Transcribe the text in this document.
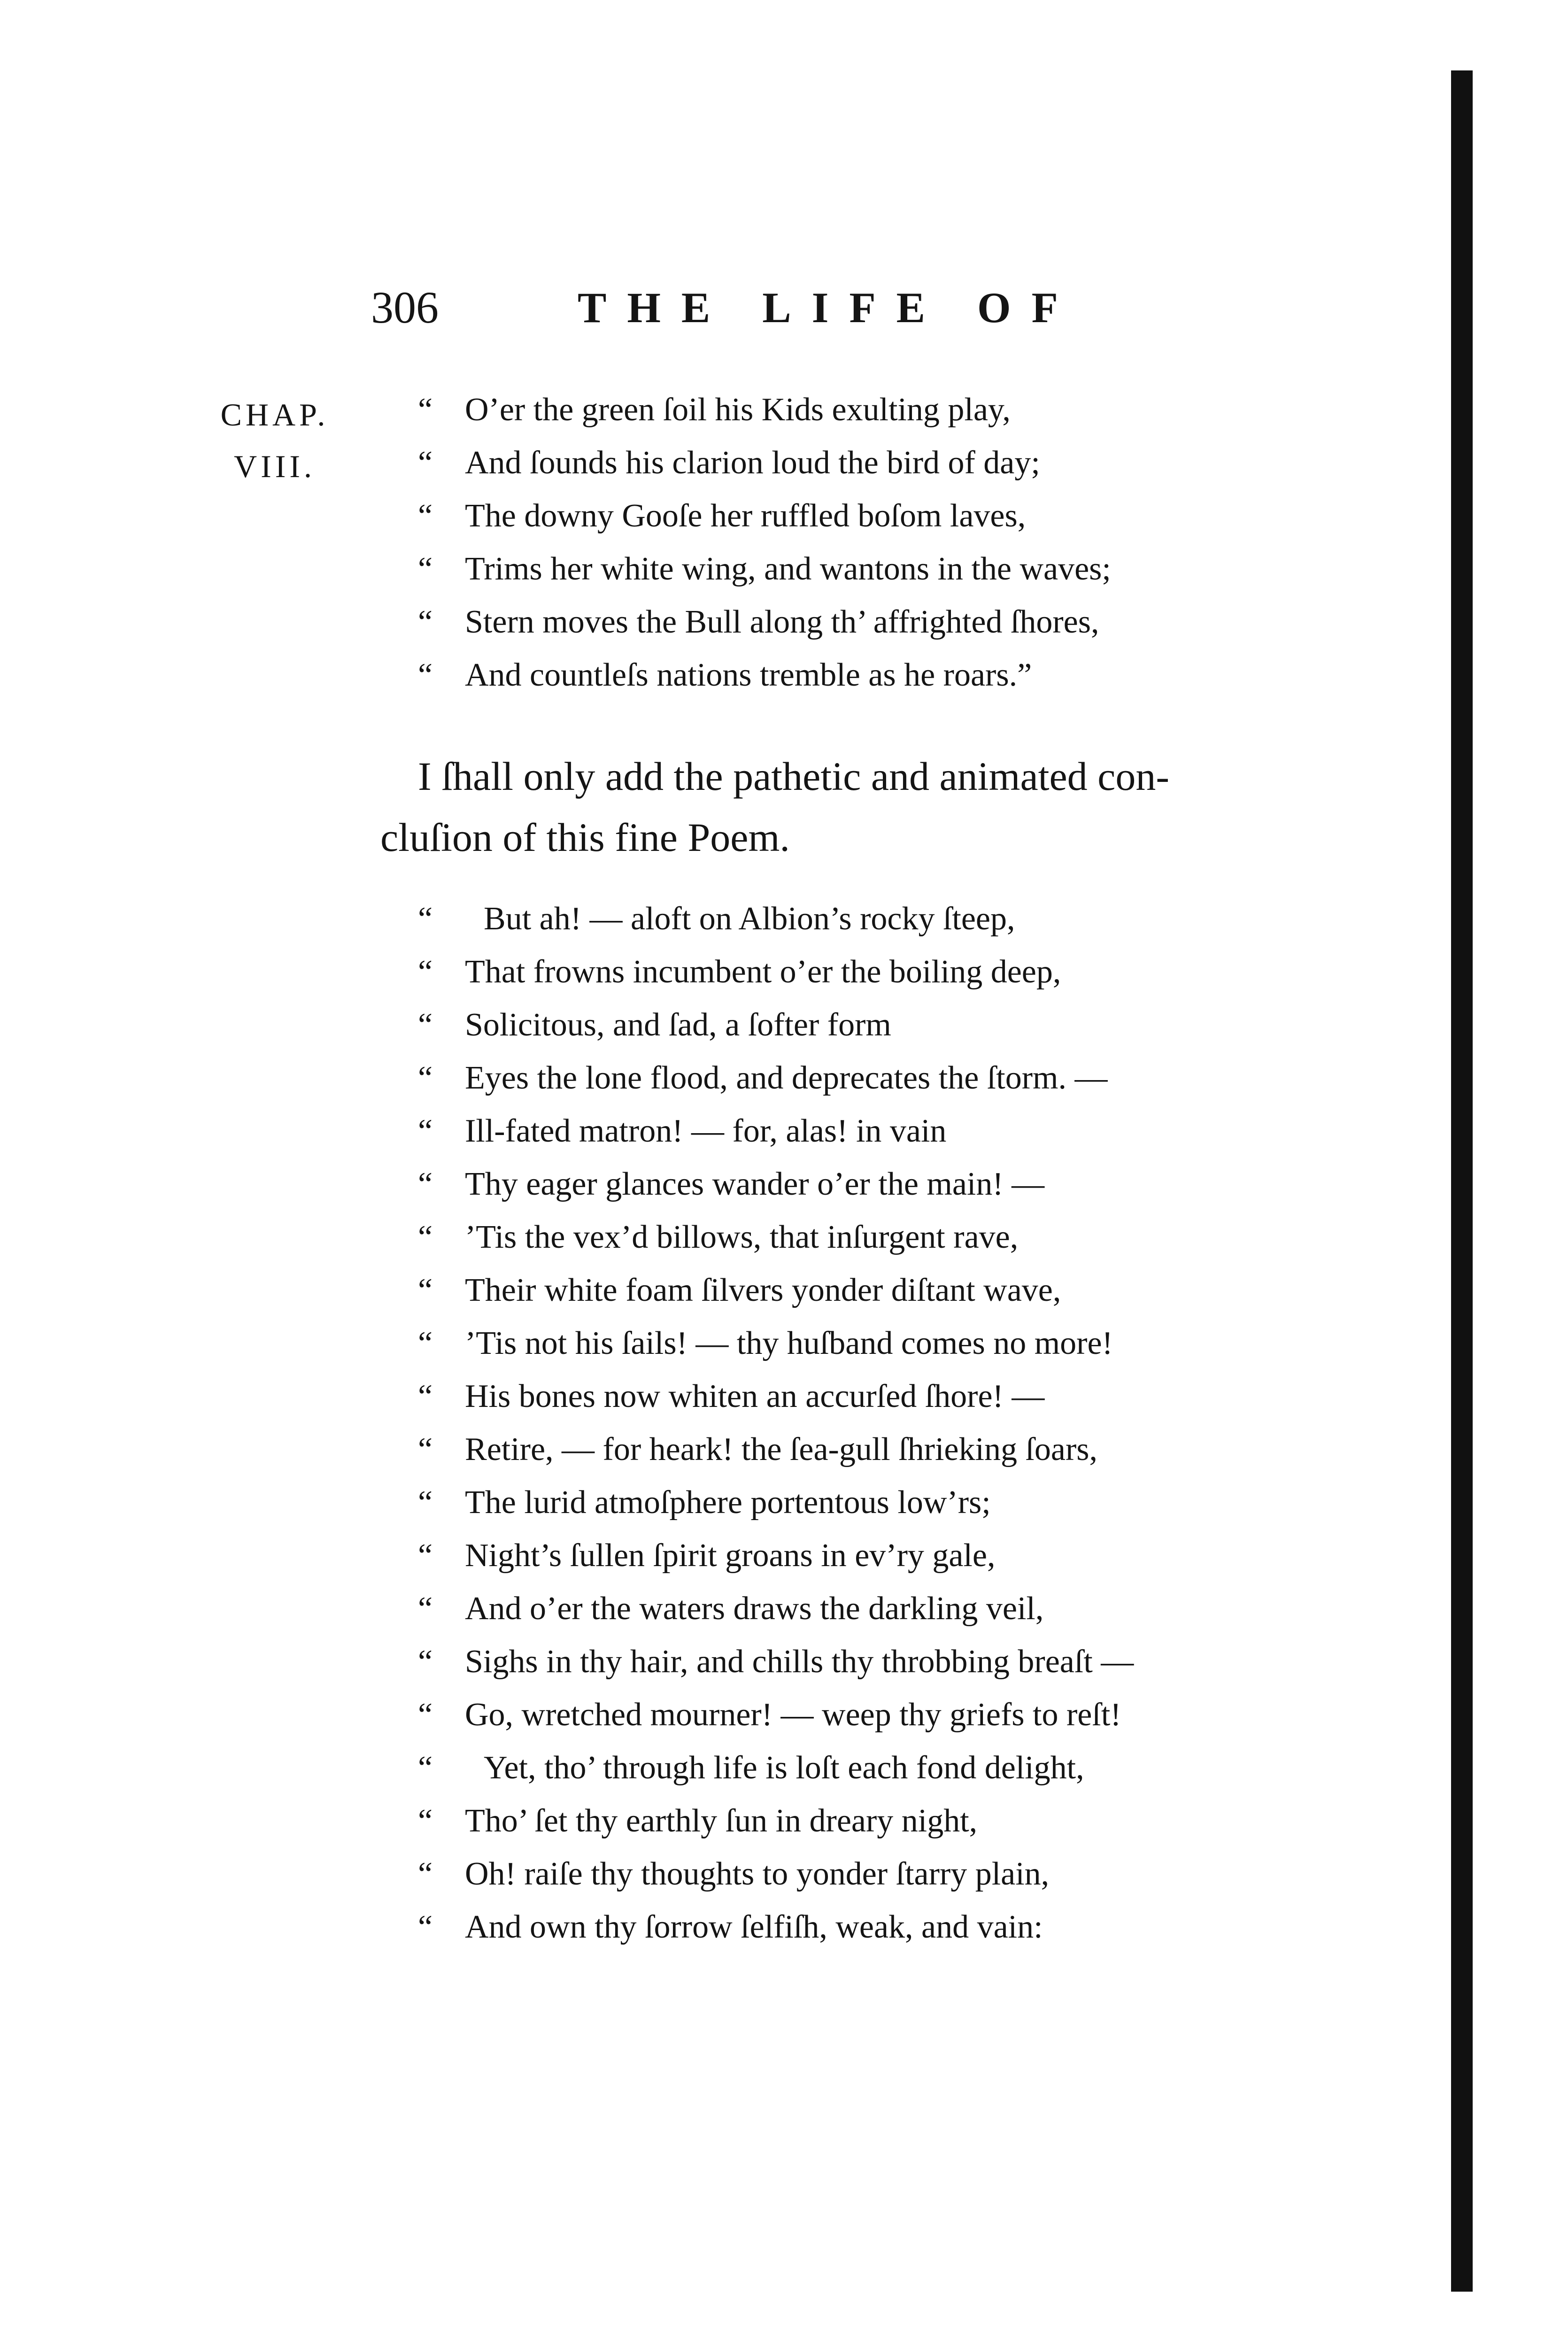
306	THE LIFE OF
CHAP.
VIII.
“ O’er the green ſoil his Kids exulting play,
“ And ſounds his clarion loud the bird of day;
“ The downy Gooſe her ruffled boſom laves,
“ Trims her white wing, and wantons in the waves;
“ Stern moves the Bull along th’ affrighted ſhores,
“ And countleſs nations tremble as he roars.”
I ſhall only add the pathetic and animated con-
cluſion of this fine Poem.
“	But ah! — aloft on Albion’s rocky ſteep,
“ That frowns incumbent o’er the boiling deep,
“ Solicitous, and ſad, a ſofter form
“ Eyes the lone flood, and deprecates the ſtorm. —
“ Ill-fated matron! — for, alas! in vain
“ Thy eager glances wander o’er the main! —
“ ’Tis the vex’d billows, that inſurgent rave,
“ Their white foam ſilvers yonder diſtant wave,
“ ’Tis not his ſails! — thy huſband comes no more!
“ His bones now whiten an accurſed ſhore! —
“ Retire, — for heark! the ſea-gull ſhrieking ſoars,
“ The lurid atmoſphere portentous low’rs;
“ Night’s ſullen ſpirit groans in ev’ry gale,
“ And o’er the waters draws the darkling veil,
“ Sighs in thy hair, and chills thy throbbing breaſt —
“ Go, wretched mourner! — weep thy griefs to reſt!
“	Yet, tho’ through life is loſt each fond delight,
“ Tho’ ſet thy earthly ſun in dreary night,
“ Oh! raiſe thy thoughts to yonder ſtarry plain,
“ And own thy ſorrow ſelfiſh, weak, and vain:
